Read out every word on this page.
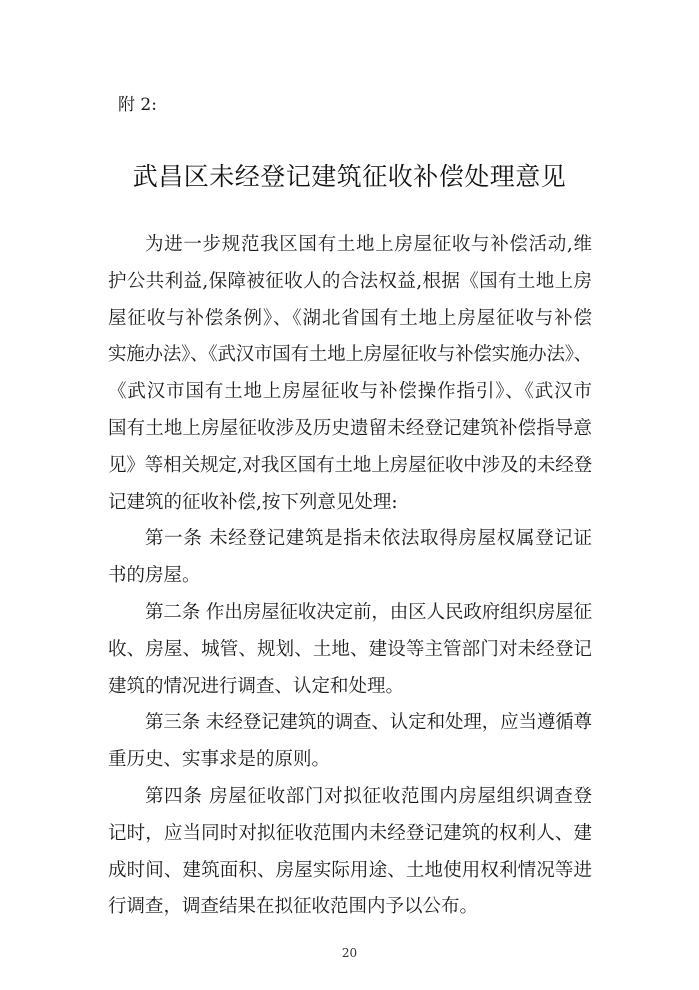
附 2:
武昌区未经登记建筑征收补偿处理意见
为进一步规范我区国有土地上房屋征收与补偿活动,维
护公共利益,保障被征收人的合法权益,根据《国有土地上房
屋征收与补偿条例》、《湖北省国有土地上房屋征收与补偿
实施办法》、《武汉市国有土地上房屋征收与补偿实施办法》、
《武汉市国有土地上房屋征收与补偿操作指引》、《武汉市
国有土地上房屋征收涉及历史遗留未经登记建筑补偿指导意
见》等相关规定,对我区国有土地上房屋征收中涉及的未经登
记建筑的征收补偿,按下列意见处理:
第一条 未经登记建筑是指未依法取得房屋权属登记证
书的房屋。
第二条 作出房屋征收决定前，由区人民政府组织房屋征
收、房屋、城管、规划、土地、建设等主管部门对未经登记
建筑的情况进行调查、认定和处理。
第三条 未经登记建筑的调查、认定和处理，应当遵循尊
重历史、实事求是的原则。
第四条 房屋征收部门对拟征收范围内房屋组织调查登
记时，应当同时对拟征收范围内未经登记建筑的权利人、建
成时间、建筑面积、房屋实际用途、土地使用权利情况等进
行调查，调查结果在拟征收范围内予以公布。
20
